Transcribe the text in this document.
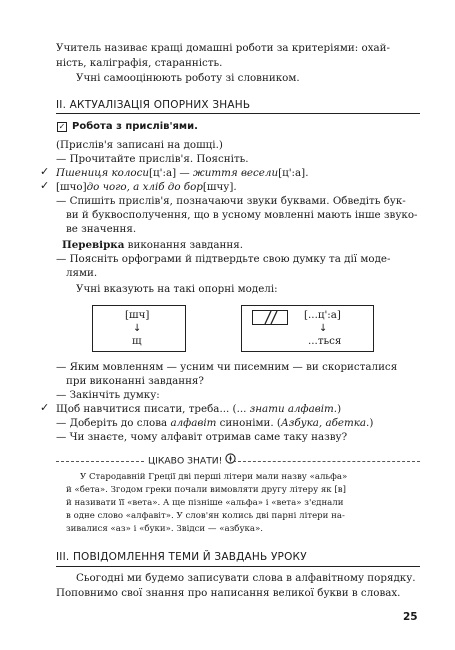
Учитель називає кращі домашні роботи за критеріями: охай-
ність, каліграфія, старанність.
Учні самооцінюють роботу зі словником.
ІІ. АКТУАЛІЗАЦІЯ ОПОРНИХ ЗНАНЬ
✓ Робота з прислів'ями.
(Прислів'я записані на дошці.)
— Прочитайте прислів'я. Поясніть.
✓ Пшениця колоси[ц':а] — життя весели[ц':а].
✓ [шчо]до чого, а хліб до бор[шчу].
— Спишіть прислів'я, позначаючи звуки буквами. Обведіть бук-
ви й буквосполучення, що в усному мовленні мають інше звуко-
ве значення.
Перевірка виконання завдання.
— Поясніть орфограми й підтвердьте свою думку та дії моде-
лями.
Учні вказують на такі опорні моделі:
[шч]
↓
щ
[...ц':а]
↓
...ться
— Яким мовленням — усним чи писемним — ви скористалися
при виконанні завдання?
— Закінчіть думку:
✓ Щоб навчитися писати, треба... (... знати алфавіт.)
— Доберіть до слова алфавіт синоніми. (Азбука, абетка.)
— Чи знаєте, чому алфавіт отримав саме таку назву?
ЦІКАВО ЗНАТИ!
У Стародавній Греції дві перші літери мали назву «альфа»
й «бета». Згодом греки почали вимовляти другу літеру як [в]
й називати її «вета». А ще пізніше «альфа» і «вета» з'єднали
в одне слово «алфавіт». У слов'ян колись дві парні літери на-
зивалися «аз» і «буки». Звідси — «азбука».
ІІІ. ПОВІДОМЛЕННЯ ТЕМИ Й ЗАВДАНЬ УРОКУ
Сьогодні ми будемо записувати слова в алфавітному порядку.
Поповнимо свої знання про написання великої букви в словах.
25
